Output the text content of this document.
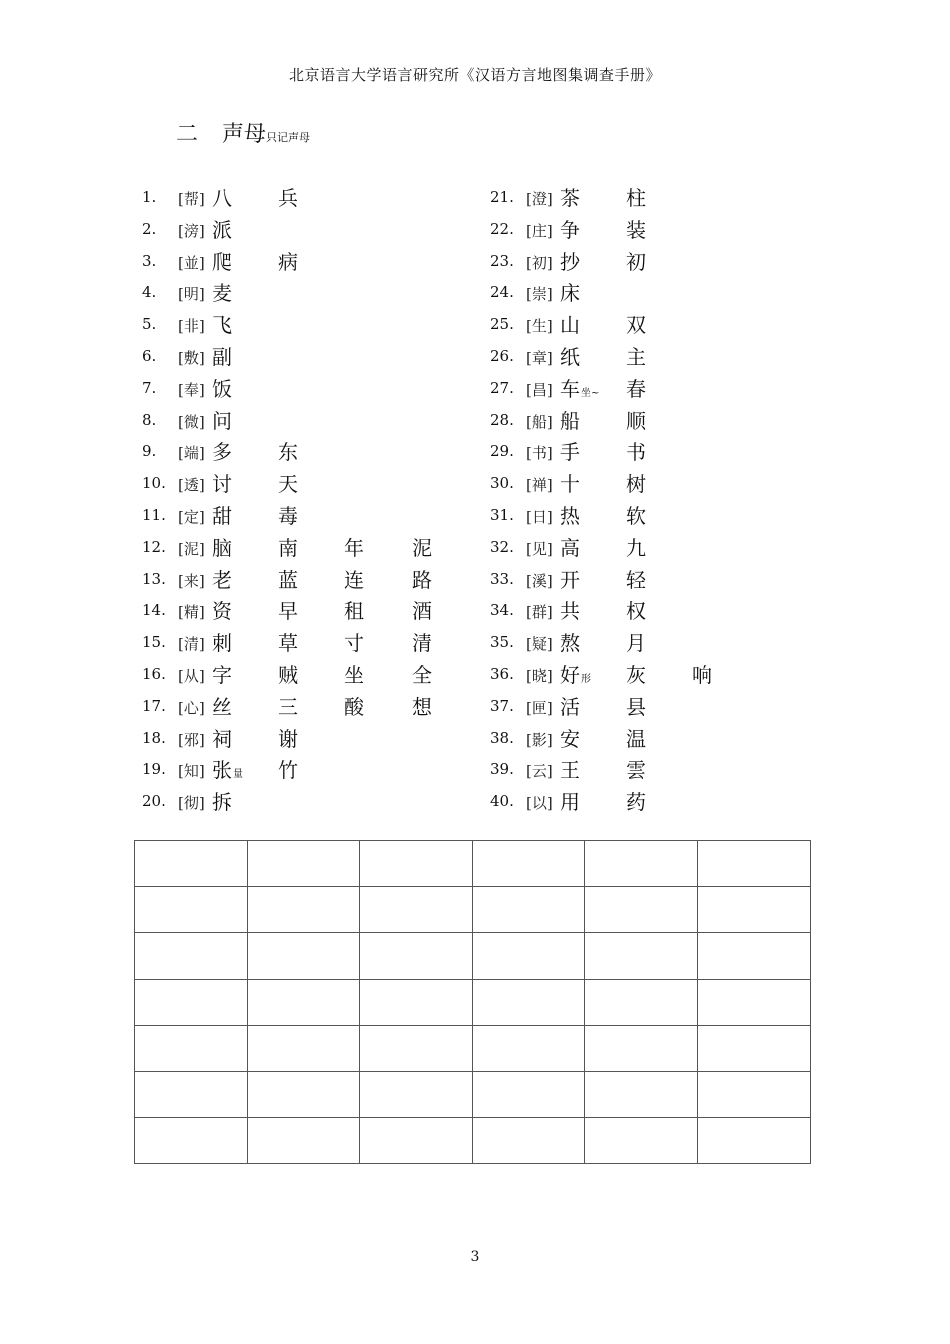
北京语言大学语言研究所《汉语方言地图集调查手册》
二 声母只记声母
1. [帮] 八 兵
2. [滂] 派
3. [並] 爬 病
4. [明] 麦
5. [非] 飞
6. [敷] 副
7. [奉] 饭
8. [微] 问
9. [端] 多 东
10. [透] 讨 天
11. [定] 甜 毒
12. [泥] 脑 南 年 泥
13. [来] 老 蓝 连 路
14. [精] 资 早 租 酒
15. [清] 刺 草 寸 清
16. [从] 字 贼 坐 全
17. [心] 丝 三 酸 想
18. [邪] 祠 谢
19. [知] 张量 竹
20. [彻] 拆
21. [澄] 茶 柱
22. [庄] 争 装
23. [初] 抄 初
24. [崇] 床
25. [生] 山 双
26. [章] 纸 主
27. [昌] 车坐~ 春
28. [船] 船 顺
29. [书] 手 书
30. [禅] 十 树
31. [日] 热 软
32. [见] 高 九
33. [溪] 开 轻
34. [群] 共 权
35. [疑] 熬 月
36. [晓] 好形 灰 响
37. [匣] 活 县
38. [影] 安 温
39. [云] 王 雲
40. [以] 用 药

3
